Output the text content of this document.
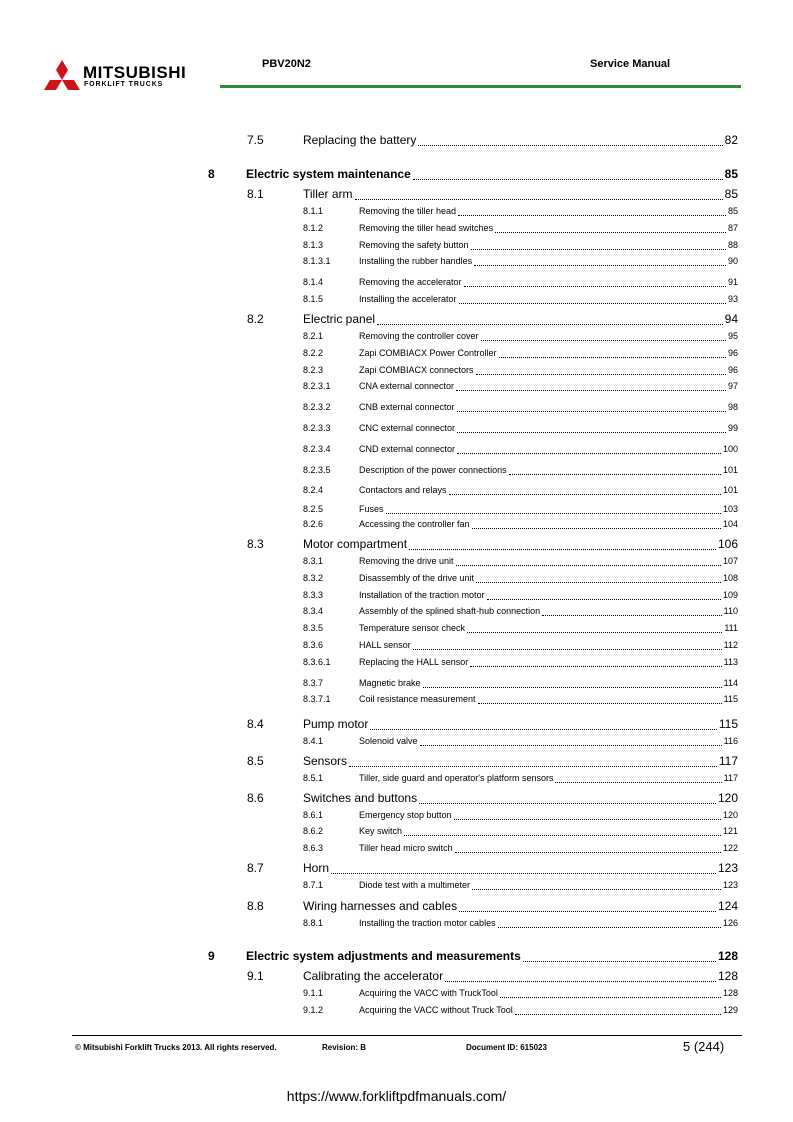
MITSUBISHI
FORKLIFT TRUCKS
PBV20N2	Service Manual
7.5	Replacing the battery	82
8	Electric system maintenance	85
8.1	Tiller arm	85
8.1.1	Removing the tiller head	85
8.1.2	Removing the tiller head switches	87
8.1.3	Removing the safety button	88
8.1.3.1	Installing the rubber handles	90
8.1.4	Removing the accelerator	91
8.1.5	Installing the accelerator	93
8.2	Electric panel	94
8.2.1	Removing the controller cover	95
8.2.2	Zapi COMBIACX Power Controller	96
8.2.3	Zapi COMBIACX connectors	96
8.2.3.1	CNA external connector	97
8.2.3.2	CNB external connector	98
8.2.3.3	CNC external connector	99
8.2.3.4	CND external connector	100
8.2.3.5	Description of the power connections	101
8.2.4	Contactors and relays	101
8.2.5	Fuses	103
8.2.6	Accessing the controller fan	104
8.3	Motor compartment	106
8.3.1	Removing the drive unit	107
8.3.2	Disassembly of the drive unit	108
8.3.3	Installation of the traction motor	109
8.3.4	Assembly of the splined shaft-hub connection	110
8.3.5	Temperature sensor check	111
8.3.6	HALL sensor	112
8.3.6.1	Replacing the HALL sensor	113
8.3.7	Magnetic brake	114
8.3.7.1	Coil resistance measurement	115
8.4	Pump motor	115
8.4.1	Solenoid valve	116
8.5	Sensors	117
8.5.1	Tiller, side guard and operator's platform sensors	117
8.6	Switches and buttons	120
8.6.1	Emergency stop button	120
8.6.2	Key switch	121
8.6.3	Tiller head micro switch	122
8.7	Horn	123
8.7.1	Diode test with a multimeter	123
8.8	Wiring harnesses and cables	124
8.8.1	Installing the traction motor cables	126
9	Electric system adjustments and measurements	128
9.1	Calibrating the accelerator	128
9.1.1	Acquiring the VACC with TruckTool	128
9.1.2	Acquiring the VACC without Truck Tool	129
© Mitsubishi Forklift Trucks 2013. All rights reserved.	Revision: B	Document ID: 615023	5 (244)
https://www.forkliftpdfmanuals.com/
